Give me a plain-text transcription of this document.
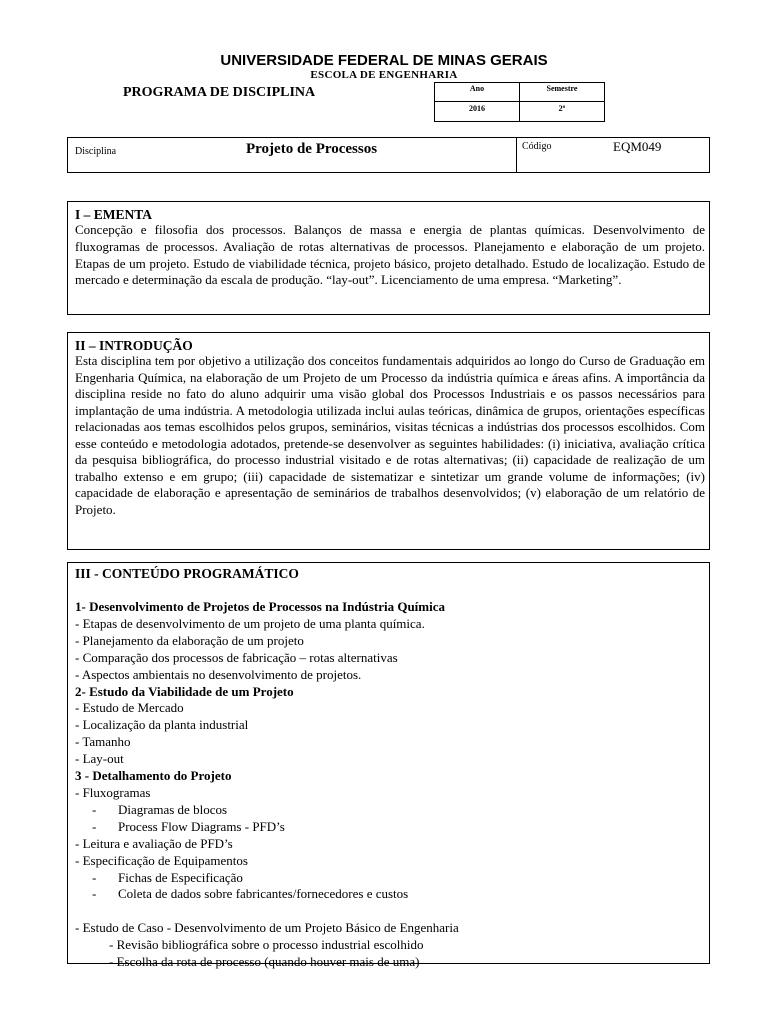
UNIVERSIDADE FEDERAL DE MINAS GERAIS
ESCOLA DE ENGENHARIA
PROGRAMA DE DISCIPLINA	Ano	Semestre
2016	2º
Disciplina	Projeto de Processos	Código	EQM049
I – EMENTA

Concepção e filosofia dos processos. Balanços de massa e energia de plantas químicas. Desenvolvimento de fluxogramas de processos. Avaliação de rotas alternativas de processos. Planejamento e elaboração de um projeto. Etapas de um projeto. Estudo de viabilidade técnica, projeto básico, projeto detalhado. Estudo de localização. Estudo de mercado e determinação da escala de produção. “lay-out”. Licenciamento de uma empresa. “Marketing”.

II – INTRODUÇÃO

Esta disciplina tem por objetivo a utilização dos conceitos fundamentais adquiridos ao longo do Curso de Graduação em Engenharia Química, na elaboração de um Projeto de um Processo da indústria química e áreas afins. A importância da disciplina reside no fato do aluno adquirir uma visão global dos Processos Industriais e os passos necessários para implantação de uma indústria. A metodologia utilizada inclui aulas teóricas, dinâmica de grupos, orientações específicas relacionadas aos temas escolhidos pelos grupos, seminários, visitas técnicas a indústrias dos processos escolhidos. Com esse conteúdo e metodologia adotados, pretende-se desenvolver as seguintes habilidades: (i) iniciativa, avaliação crítica da pesquisa bibliográfica, do processo industrial visitado e de rotas alternativas; (ii) capacidade de realização de um trabalho extenso e em grupo; (iii) capacidade de sistematizar e sintetizar um grande volume de informações; (iv) capacidade de elaboração e apresentação de seminários de trabalhos desenvolvidos; (v) elaboração de um relatório de Projeto.

III - CONTEÚDO PROGRAMÁTICO
1- Desenvolvimento de Projetos de Processos na Indústria Química
- Etapas de desenvolvimento de um projeto de uma planta química.
- Planejamento da elaboração de um projeto
- Comparação dos processos de fabricação – rotas alternativas
- Aspectos ambientais no desenvolvimento de projetos.
2- Estudo da Viabilidade de um Projeto
- Estudo de Mercado
- Localização da planta industrial
- Tamanho
- Lay-out
3 - Detalhamento do Projeto
- Fluxogramas
- Diagramas de blocos
- Process Flow Diagrams - PFD’s
- Leitura e avaliação de PFD’s
- Especificação de Equipamentos
- Fichas de Especificação
- Coleta de dados sobre fabricantes/fornecedores e custos
- Estudo de Caso - Desenvolvimento de um Projeto Básico de Engenharia
- Revisão bibliográfica sobre o processo industrial escolhido
- Escolha da rota de processo (quando houver mais de uma)
